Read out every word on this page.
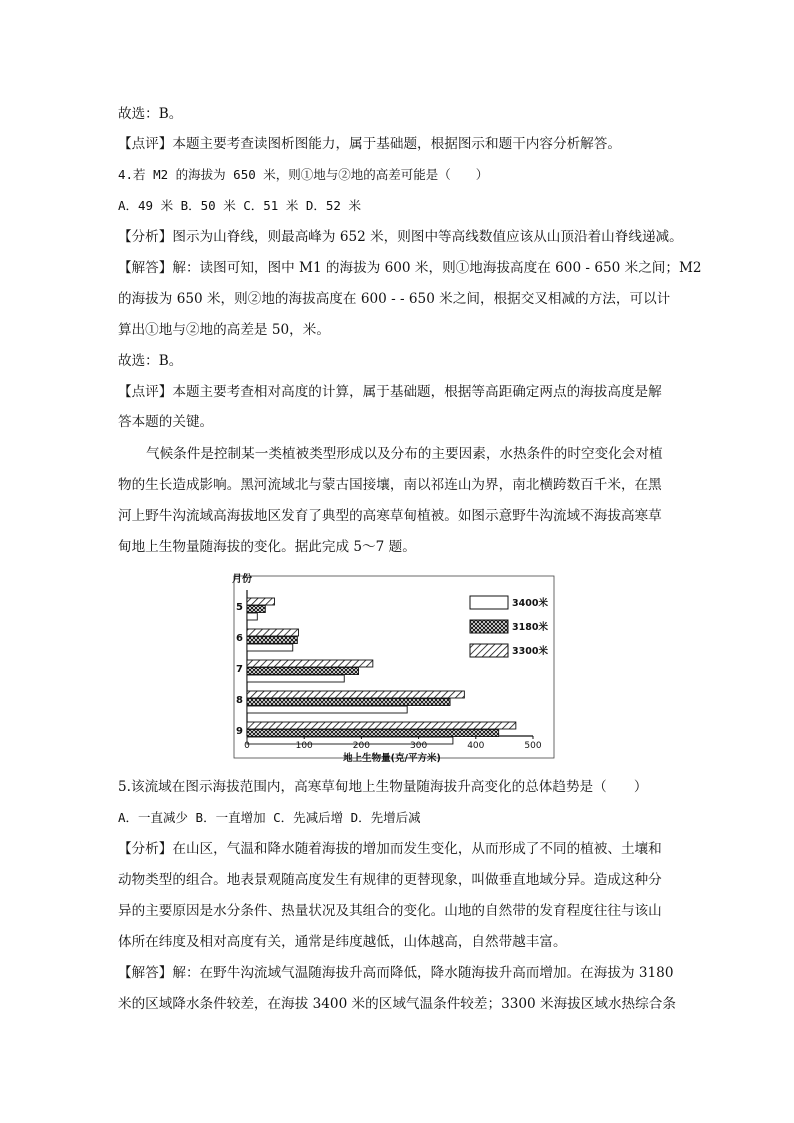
故选：B。
【点评】本题主要考查读图析图能力，属于基础题，根据图示和题干内容分析解答。
4.若 M2 的海拔为 650 米，则①地与②地的高差可能是（　　）
A．49 米 B．50 米 C．51 米 D．52 米
【分析】图示为山脊线，则最高峰为 652 米，则图中等高线数值应该从山顶沿着山脊线递减。
【解答】解：读图可知，图中 M1 的海拔为 600 米，则①地海拔高度在 600 - 650 米之间；M2
的海拔为 650 米，则②地的海拔高度在 600 - - 650 米之间，根据交叉相减的方法，可以计
算出①地与②地的高差是 50，米。
故选：B。
【点评】本题主要考查相对高度的计算，属于基础题，根据等高距确定两点的海拔高度是解
答本题的关键。
气候条件是控制某一类植被类型形成以及分布的主要因素，水热条件的时空变化会对植
物的生长造成影响。黑河流域北与蒙古国接壤，南以祁连山为界，南北横跨数百千米，在黑
河上野牛沟流域高海拔地区发育了典型的高寒草甸植被。如图示意野牛沟流域不海拔高寒草
甸地上生物量随海拔的变化。据此完成 5～7 题。
月份
5
6
7
8
9
0	100	200	300	400	500
地上生物量(克/平方米)
3400米
3180米
3300米
5.该流域在图示海拔范围内，高寒草甸地上生物量随海拔升高变化的总体趋势是（　　）
A．一直减少 B．一直增加 C．先减后增 D．先增后减
【分析】在山区，气温和降水随着海拔的增加而发生变化，从而形成了不同的植被、土壤和
动物类型的组合。地表景观随高度发生有规律的更替现象，叫做垂直地域分异。造成这种分
异的主要原因是水分条件、热量状况及其组合的变化。山地的自然带的发育程度往往与该山
体所在纬度及相对高度有关，通常是纬度越低，山体越高，自然带越丰富。
【解答】解：在野牛沟流域气温随海拔升高而降低，降水随海拔升高而增加。在海拔为 3180
米的区域降水条件较差，在海拔 3400 米的区域气温条件较差；3300 米海拔区域水热综合条
